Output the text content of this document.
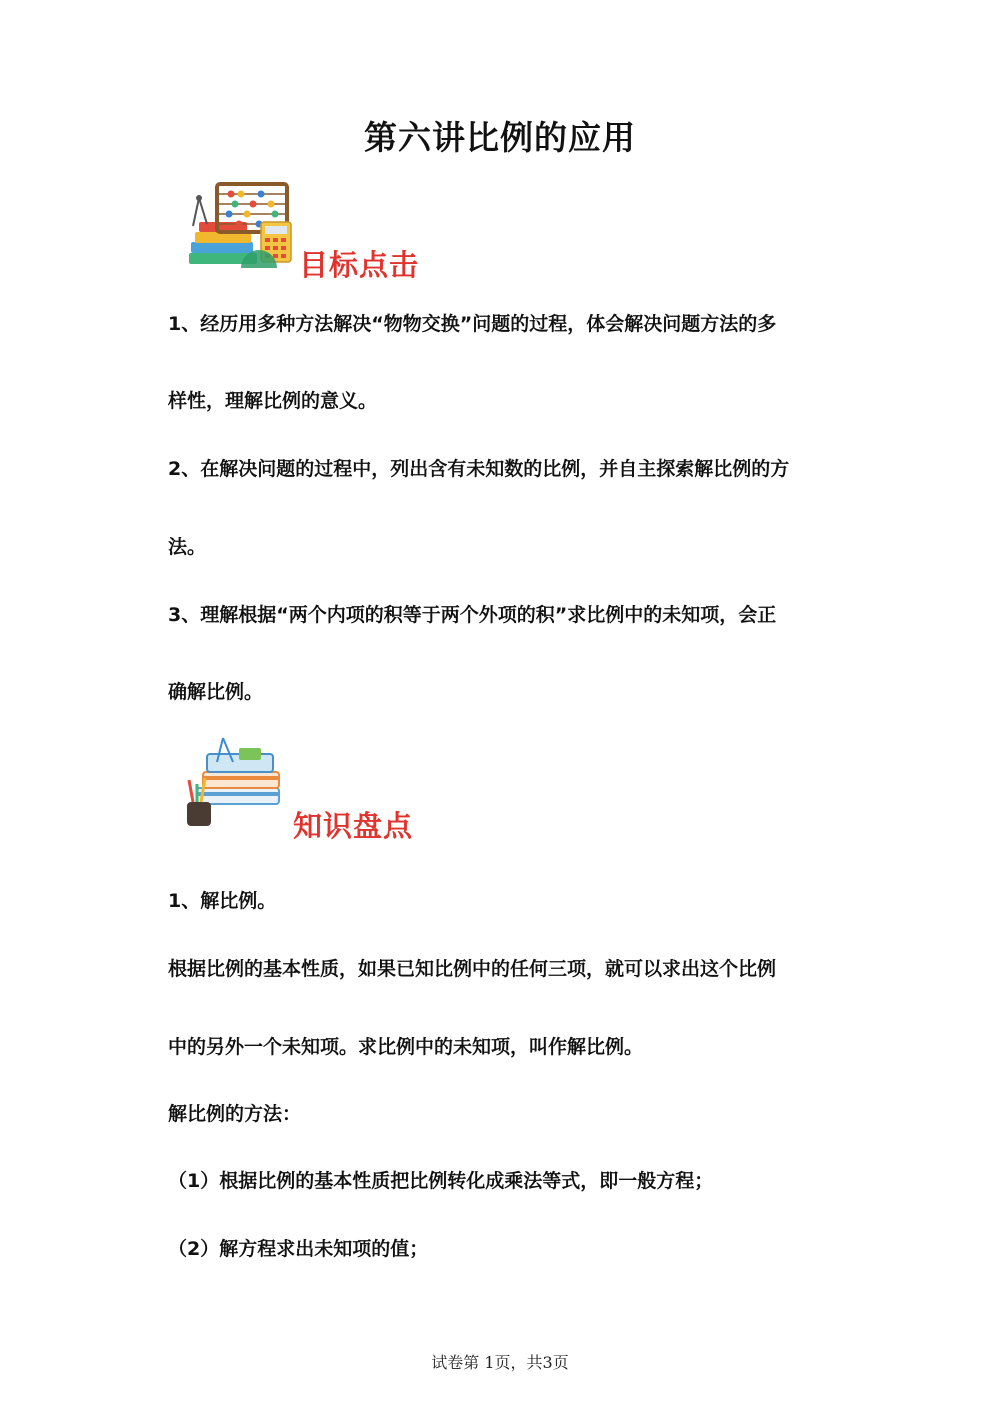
第六讲比例的应用
目标点击
1、经历用多种方法解决“物物交换”问题的过程，体会解决问题方法的多
样性，理解比例的意义。
2、在解决问题的过程中，列出含有未知数的比例，并自主探索解比例的方
法。
3、理解根据“两个内项的积等于两个外项的积”求比例中的未知项，会正
确解比例。
知识盘点
1、解比例。
根据比例的基本性质，如果已知比例中的任何三项，就可以求出这个比例
中的另外一个未知项。求比例中的未知项，叫作解比例。
解比例的方法：
（1）根据比例的基本性质把比例转化成乘法等式，即一般方程；
（2）解方程求出未知项的值；
试卷第 1页，共3页
